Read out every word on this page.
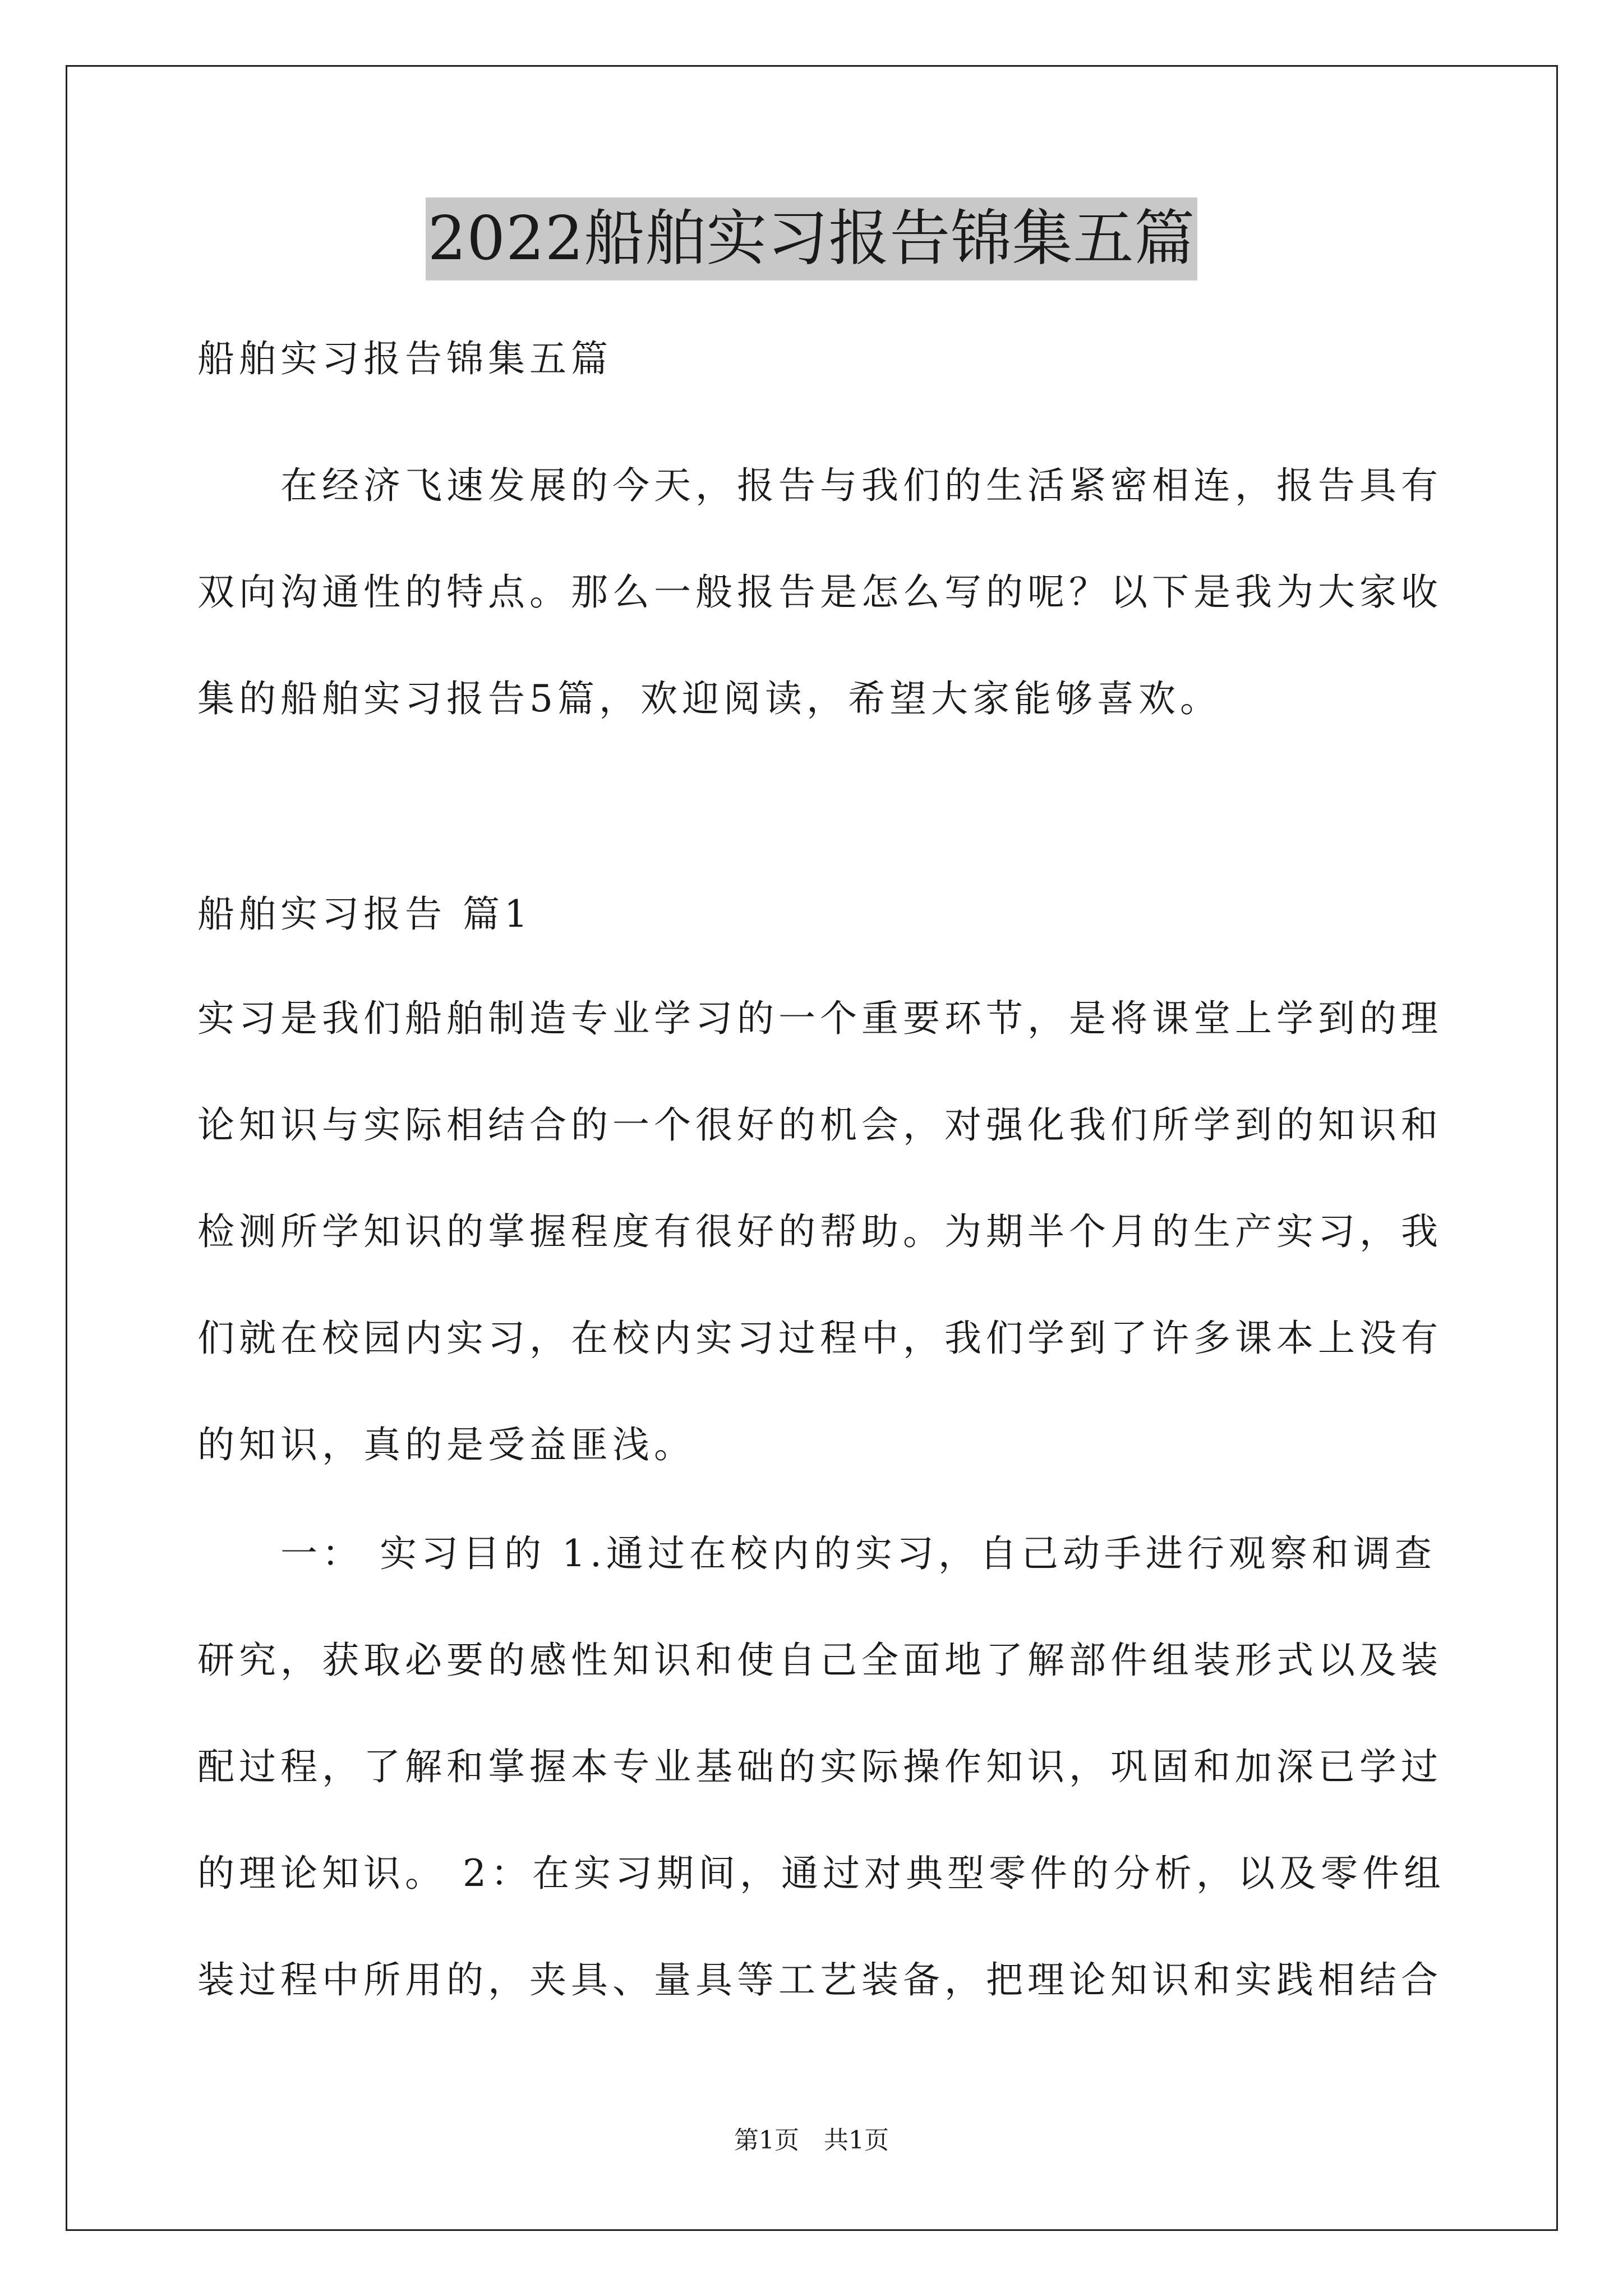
2022船舶实习报告锦集五篇
船舶实习报告锦集五篇
　　在经济飞速发展的今天，报告与我们的生活紧密相连，报告具有
双向沟通性的特点。那么一般报告是怎么写的呢？以下是我为大家收
集的船舶实习报告5篇，欢迎阅读，希望大家能够喜欢。
船舶实习报告 篇1
实习是我们船舶制造专业学习的一个重要环节，是将课堂上学到的理
论知识与实际相结合的一个很好的机会，对强化我们所学到的知识和
检测所学知识的掌握程度有很好的帮助。为期半个月的生产实习，我
们就在校园内实习，在校内实习过程中，我们学到了许多课本上没有
的知识，真的是受益匪浅。
　　一： 实习目的 1.通过在校内的实习，自己动手进行观察和调查
研究，获取必要的感性知识和使自己全面地了解部件组装形式以及装
配过程，了解和掌握本专业基础的实际操作知识，巩固和加深已学过
的理论知识。 2：在实习期间，通过对典型零件的分析，以及零件组
装过程中所用的，夹具、量具等工艺装备，把理论知识和实践相结合
第1页　共1页
